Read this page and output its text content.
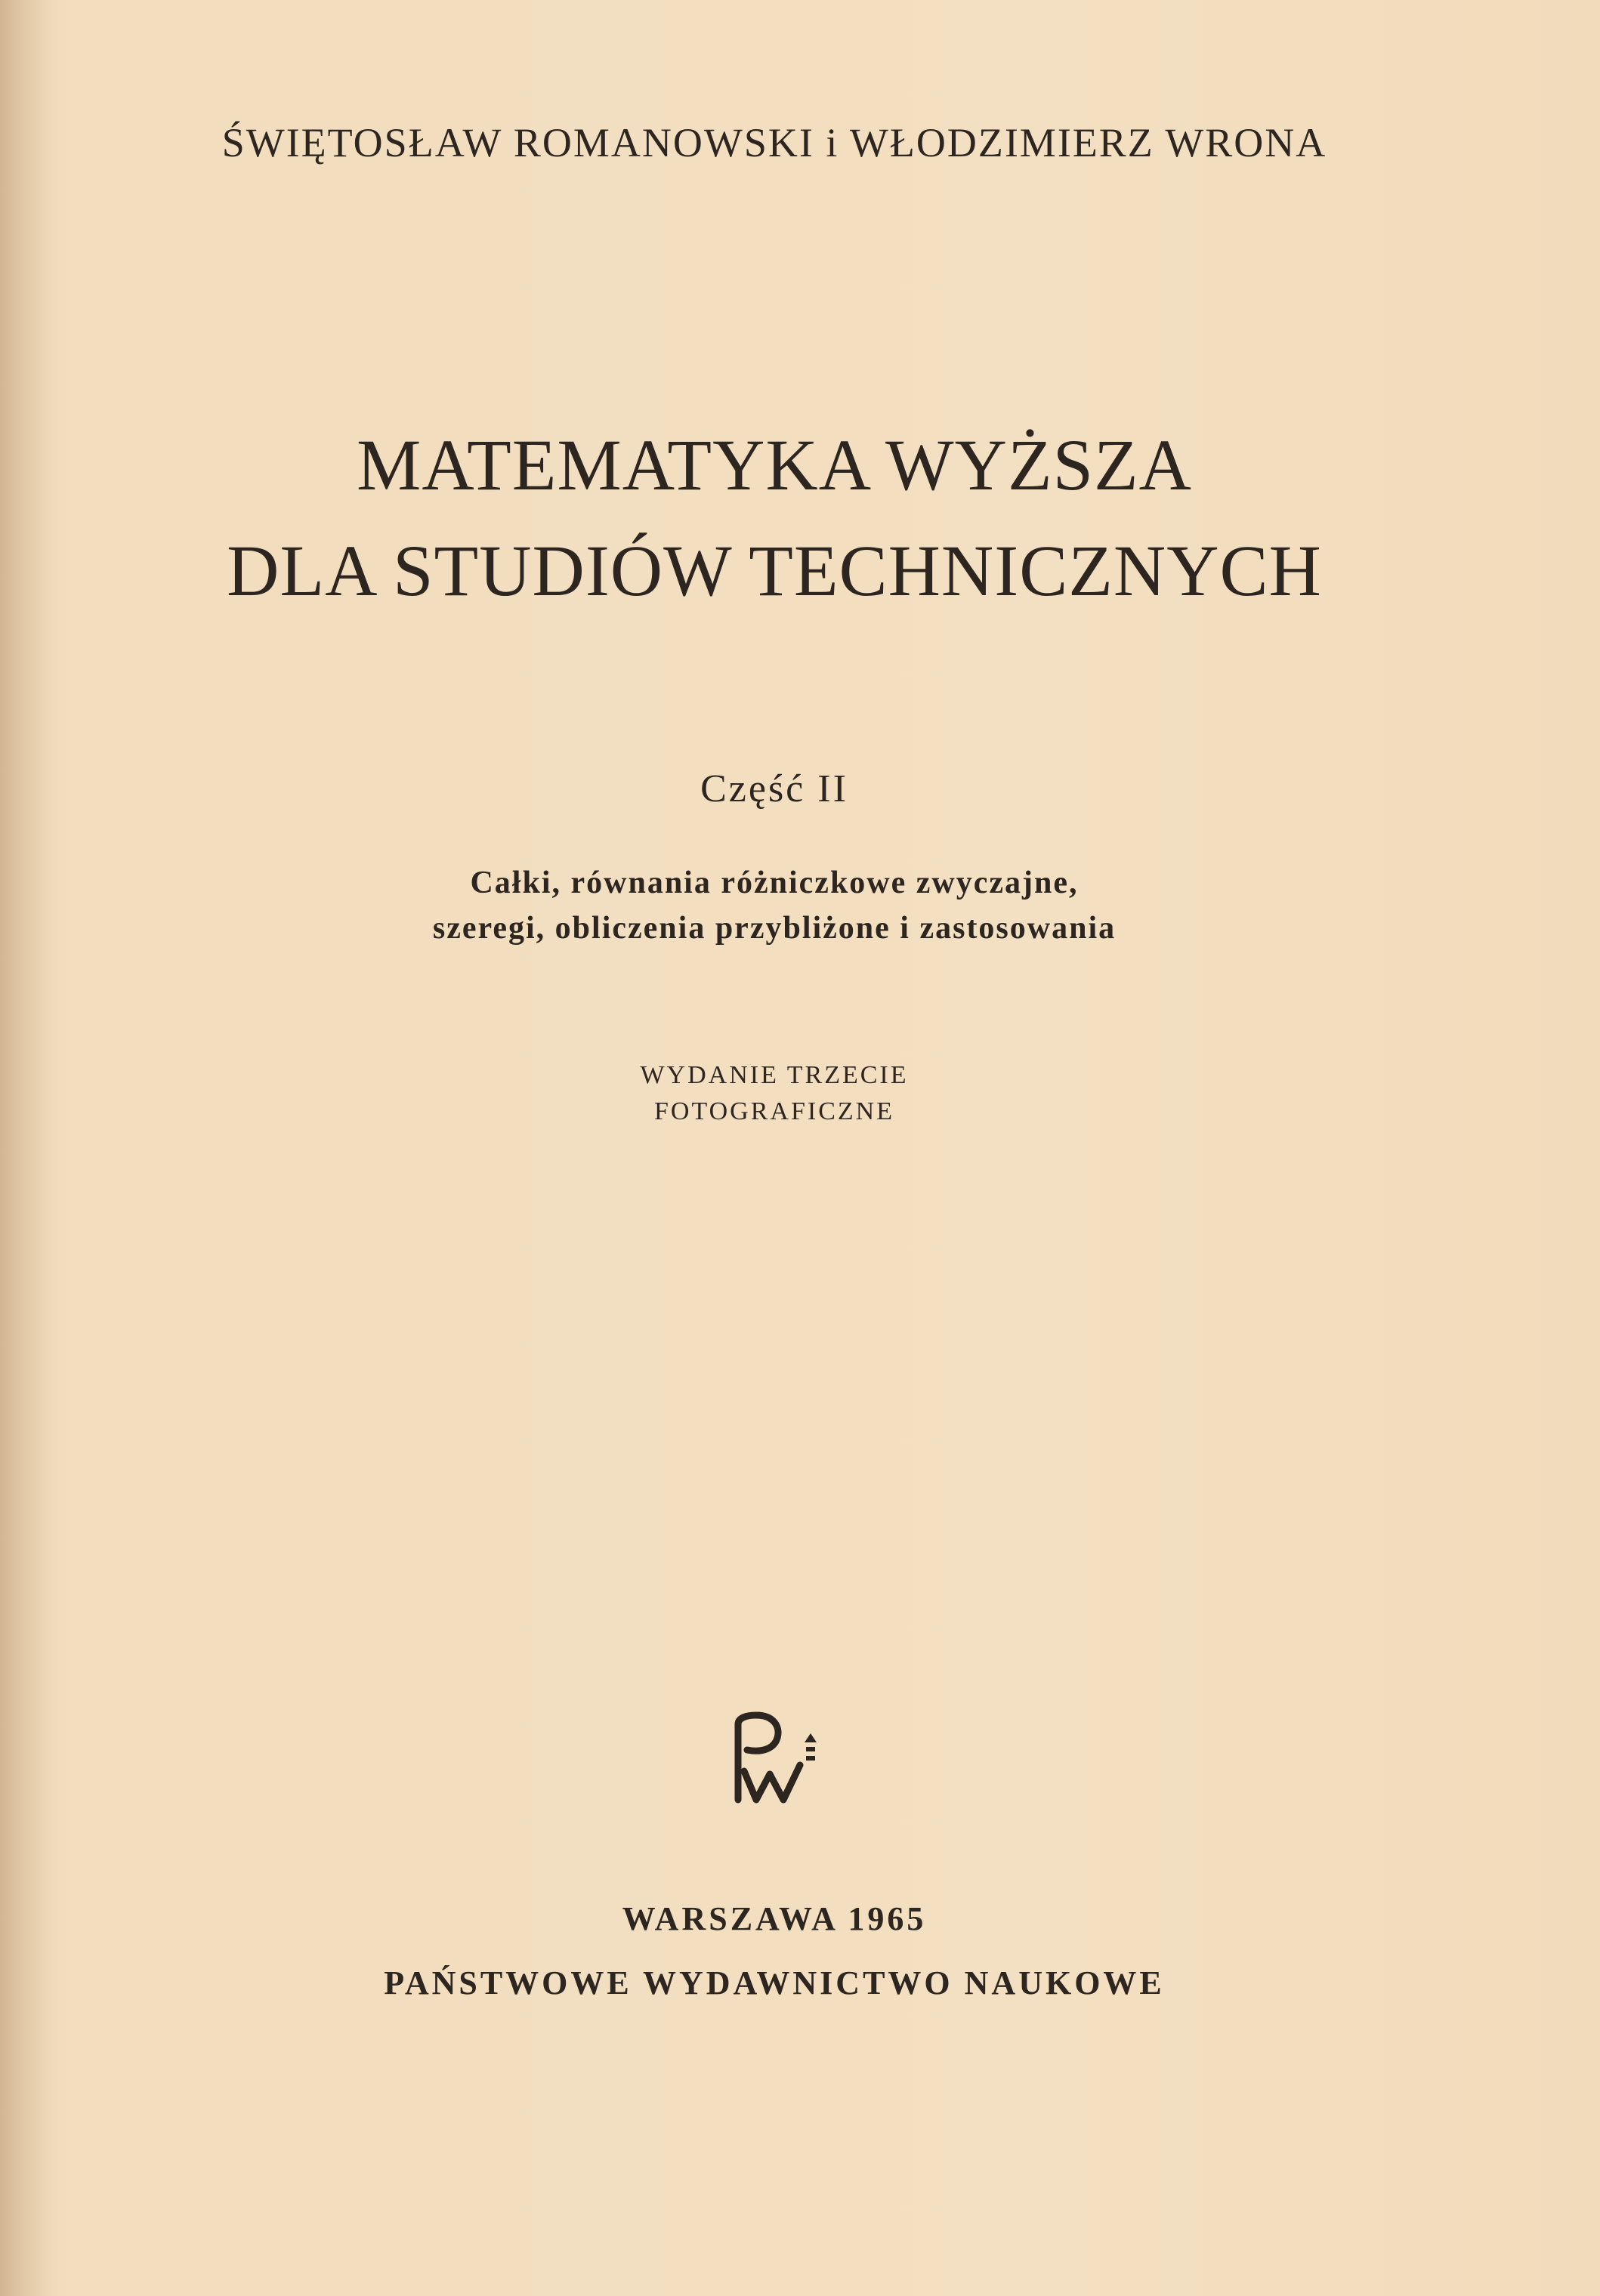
ŚWIĘTOSŁAW ROMANOWSKI i WŁODZIMIERZ WRONA
MATEMATYKA WYŻSZA
DLA STUDIÓW TECHNICZNYCH
Część II
Całki, równania różniczkowe zwyczajne,
szeregi, obliczenia przybliżone i zastosowania
WYDANIE TRZECIE
FOTOGRAFICZNE
WARSZAWA 1965
PAŃSTWOWE WYDAWNICTWO NAUKOWE
